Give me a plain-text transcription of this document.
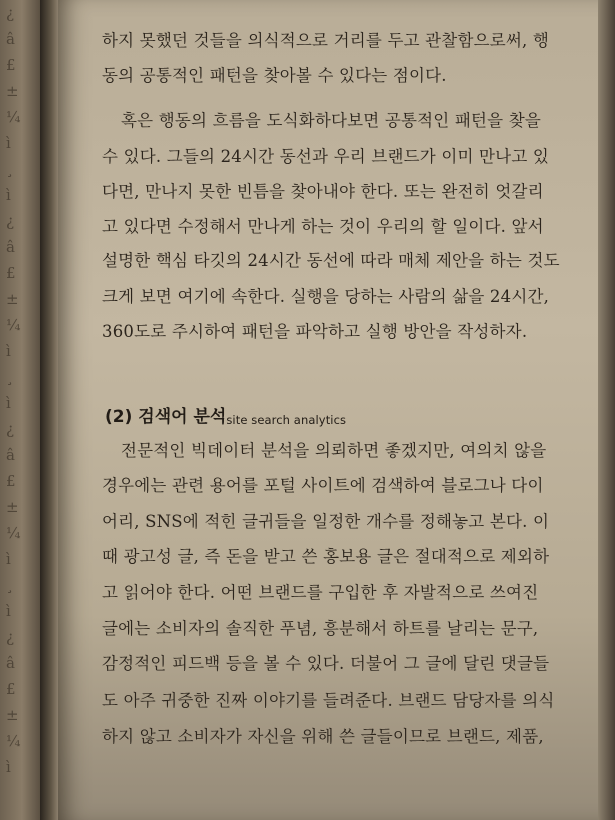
¿
â
£
±
¼
ì
¸
ì
¿
â
£
±
¼
ì
¸
ì
¿
â
£
±
¼
ì
¸
ì
¿
â
£
±
¼
ì
하지 못했던 것들을 의식적으로 거리를 두고 관찰함으로써, 행
동의 공통적인 패턴을 찾아볼 수 있다는 점이다.
혹은 행동의 흐름을 도식화하다보면 공통적인 패턴을 찾을
수 있다. 그들의 24시간 동선과 우리 브랜드가 이미 만나고 있
다면, 만나지 못한 빈틈을 찾아내야 한다. 또는 완전히 엇갈리
고 있다면 수정해서 만나게 하는 것이 우리의 할 일이다. 앞서
설명한 핵심 타깃의 24시간 동선에 따라 매체 제안을 하는 것도
크게 보면 여기에 속한다. 실행을 당하는 사람의 삶을 24시간,
360도로 주시하여 패턴을 파악하고 실행 방안을 작성하자.
(2) 검색어 분석site search analytics
전문적인 빅데이터 분석을 의뢰하면 좋겠지만, 여의치 않을
경우에는 관련 용어를 포털 사이트에 검색하여 블로그나 다이
어리, SNS에 적힌 글귀들을 일정한 개수를 정해놓고 본다. 이
때 광고성 글, 즉 돈을 받고 쓴 홍보용 글은 절대적으로 제외하
고 읽어야 한다. 어떤 브랜드를 구입한 후 자발적으로 쓰여진
글에는 소비자의 솔직한 푸념, 흥분해서 하트를 날리는 문구,
감정적인 피드백 등을 볼 수 있다. 더불어 그 글에 달린 댓글들
도 아주 귀중한 진짜 이야기를 들려준다. 브랜드 담당자를 의식
하지 않고 소비자가 자신을 위해 쓴 글들이므로 브랜드, 제품,
